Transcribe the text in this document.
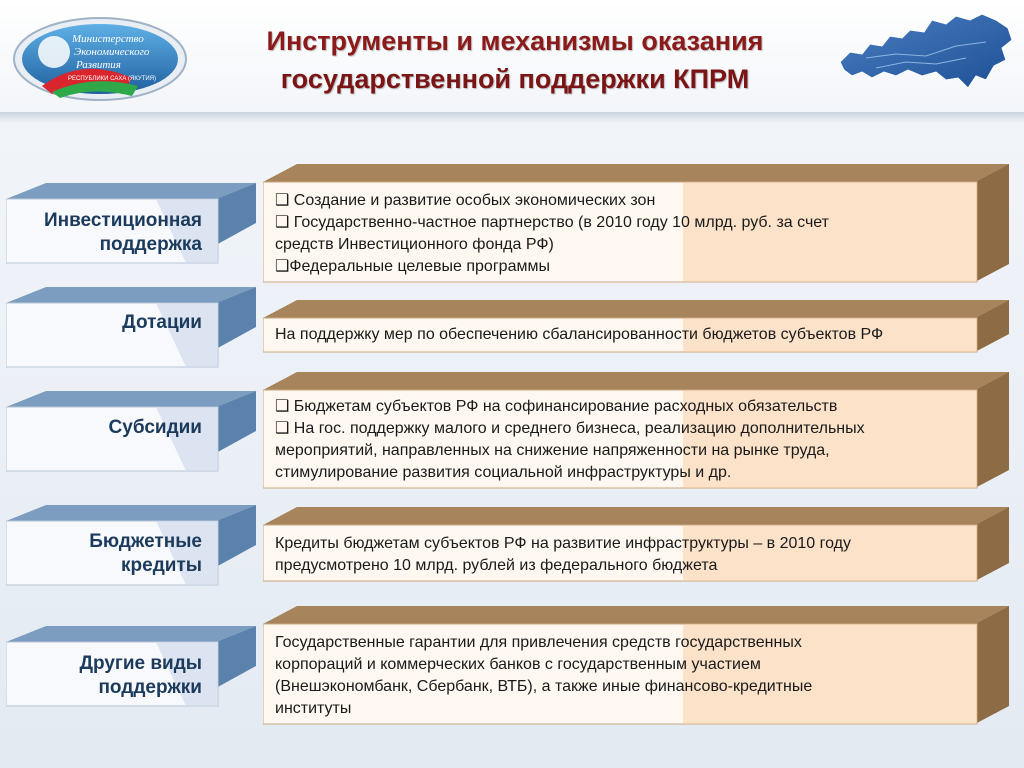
Министерство
Экономического
Развития
РЕСПУБЛИКИ САХА (ЯКУТИЯ)
Инструменты и механизмы оказания
государственной поддержки КПРМ
Инвестиционная
поддержка
❑ Создание и развитие особых экономических зон
❑ Государственно-частное партнерство (в 2010 году 10 млрд. руб. за счет
средств Инвестиционного фонда РФ)
❑Федеральные целевые программы
Дотации
На поддержку мер по обеспечению сбалансированности бюджетов субъектов РФ
Субсидии
❑ Бюджетам субъектов РФ на софинансирование расходных обязательств
❑ На гос. поддержку малого и среднего бизнеса, реализацию дополнительных
мероприятий, направленных на снижение напряженности на рынке труда,
стимулирование развития социальной инфраструктуры и др.
Бюджетные
кредиты
Кредиты бюджетам субъектов РФ на развитие инфраструктуры – в 2010 году
предусмотрено 10 млрд. рублей из федерального бюджета
Другие виды
поддержки
Государственные гарантии для привлечения средств государственных
корпораций и коммерческих банков с государственным участием
(Внешэкономбанк, Сбербанк, ВТБ), а также иные финансово-кредитные
институты
